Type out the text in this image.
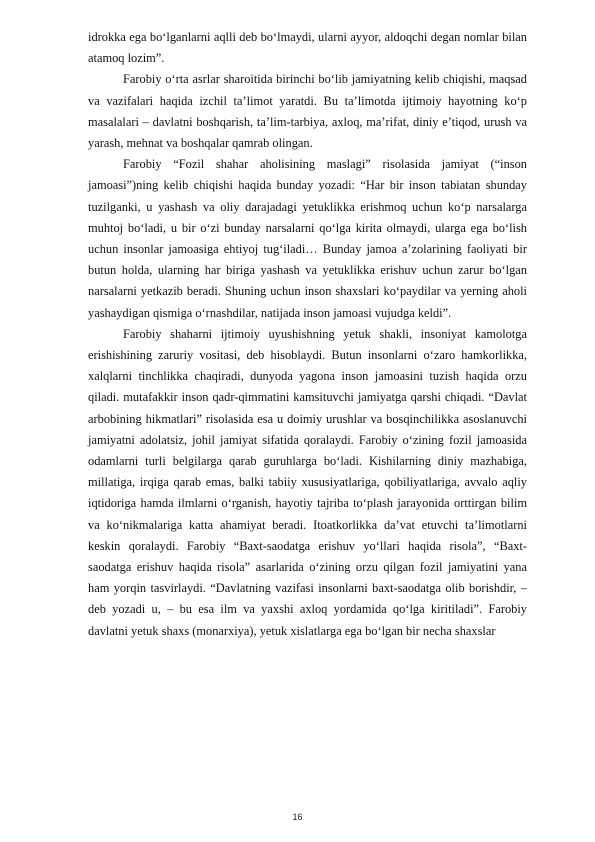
idrokka ega bo‘lganlarni aqlli deb bo‘lmaydi, ularni ayyor, aldoqchi degan nomlar bilan atamoq lozim”.

Farobiy o‘rta asrlar sharoitida birinchi bo‘lib jamiyatning kelib chiqishi, maqsad va vazifalari haqida izchil ta’limot yaratdi. Bu ta’limotda ijtimoiy hayotning ko‘p masalalari – davlatni boshqarish, ta’lim-tarbiya, axloq, ma’rifat, diniy e’tiqod, urush va yarash, mehnat va boshqalar qamrab olingan.

Farobiy “Fozil shahar aholisining maslagi” risolasida jamiyat (“inson jamoasi”)ning kelib chiqishi haqida bunday yozadi: “Har bir inson tabiatan shunday tuzilganki, u yashash va oliy darajadagi yetuklikka erishmoq uchun ko‘p narsalarga muhtoj bo‘ladi, u bir o‘zi bunday narsalarni qo‘lga kirita olmaydi, ularga ega bo‘lish uchun insonlar jamoasiga ehtiyoj tug‘iladi… Bunday jamoa a’zolarining faoliyati bir butun holda, ularning har biriga yashash va yetuklikka erishuv uchun zarur bo‘lgan narsalarni yetkazib beradi. Shuning uchun inson shaxslari ko‘paydilar va yerning aholi yashaydigan qismiga o‘rnashdilar, natijada inson jamoasi vujudga keldi”.

Farobiy shaharni ijtimoiy uyushishning yetuk shakli, insoniyat kamolotga erishishining zaruriy vositasi, deb hisoblaydi. Butun insonlarni o‘zaro hamkorlikka, xalqlarni tinchlikka chaqiradi, dunyoda yagona inson jamoasini tuzish haqida orzu qiladi. mutafakkir inson qadr-qimmatini kamsituvchi jamiyatga qarshi chiqadi. “Davlat arbobining hikmatlari” risolasida esa u doimiy urushlar va bosqinchilikka asoslanuvchi jamiyatni adolatsiz, johil jamiyat sifatida qoralaydi. Farobiy o‘zining fozil jamoasida odamlarni turli belgilarga qarab guruhlarga bo‘ladi. Kishilarning diniy mazhabiga, millatiga, irqiga qarab emas, balki tabiiy xususiyatlariga, qobiliyatlariga, avvalo aqliy iqtidoriga hamda ilmlarni o‘rganish, hayotiy tajriba to‘plash jarayonida orttirgan bilim va ko‘nikmalariga katta ahamiyat beradi. Itoatkorlikka da’vat etuvchi ta’limotlarni keskin qoralaydi. Farobiy “Baxt-saodatga erishuv yo‘llari haqida risola”, “Baxt-saodatga erishuv haqida risola” asarlarida o‘zining orzu qilgan fozil jamiyatini yana ham yorqin tasvirlaydi. “Davlatning vazifasi insonlarni baxt-saodatga olib borishdir, – deb yozadi u, – bu esa ilm va yaxshi axloq yordamida qo‘lga kiritiladi”. Farobiy davlatni yetuk shaxs (monarxiya), yetuk xislatlarga ega bo‘lgan bir necha shaxslar

16
